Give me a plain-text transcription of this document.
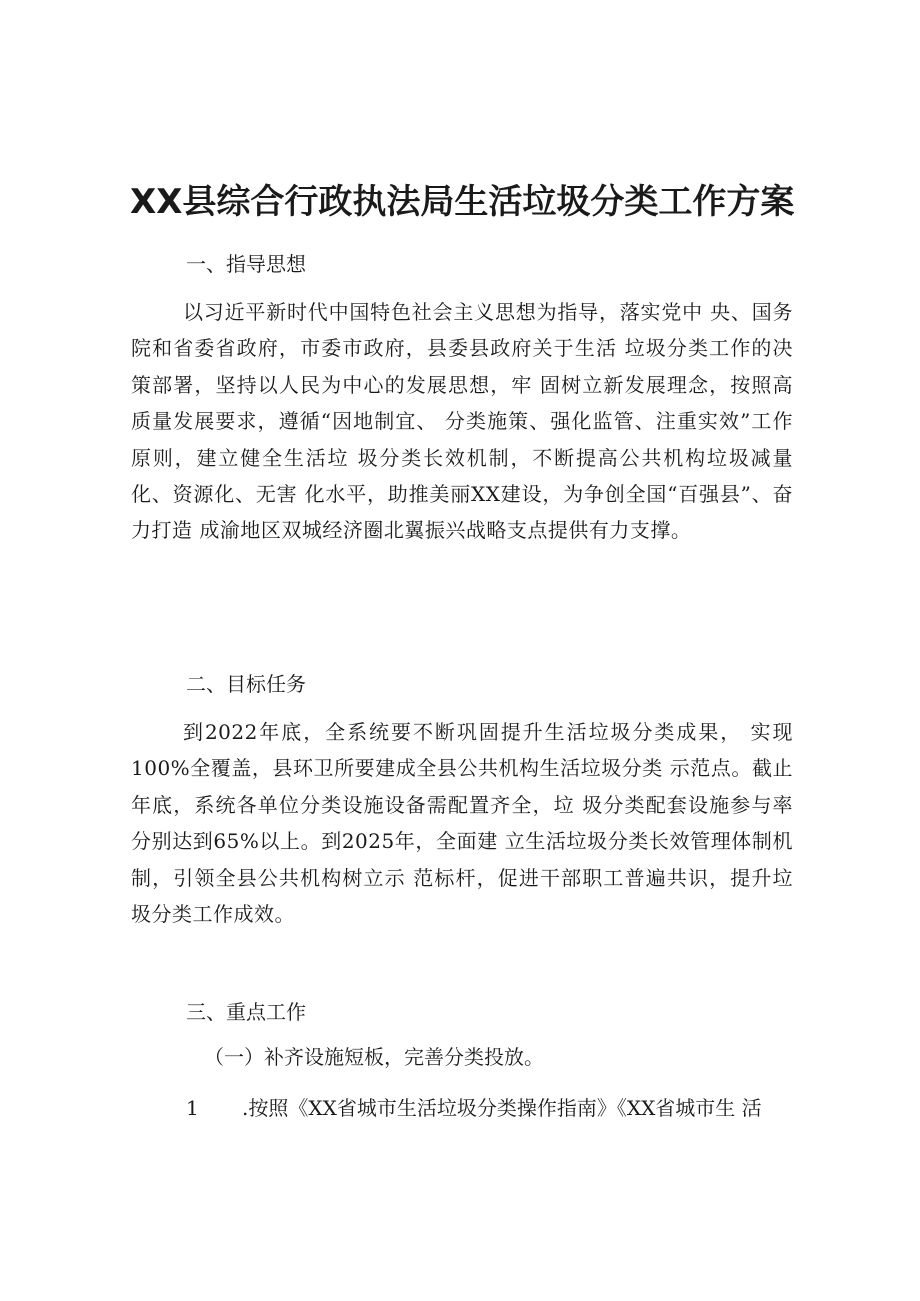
XX县综合行政执法局生活垃圾分类工作方案

一、指导思想

以习近平新时代中国特色社会主义思想为指导，落实党中 央、国务院和省委省政府，市委市政府，县委县政府关于生活 垃圾分类工作的决策部署，坚持以人民为中心的发展思想，牢 固树立新发展理念，按照高质量发展要求，遵循“因地制宜、 分类施策、强化监管、注重实效”工作原则，建立健全生活垃 圾分类长效机制，不断提高公共机构垃圾减量化、资源化、无害 化水平，助推美丽XX建设，为争创全国“百强县”、奋力打造 成渝地区双城经济圈北翼振兴战略支点提供有力支撑。

二、目标任务

到2022年底，全系统要不断巩固提升生活垃圾分类成果， 实现100%全覆盖，县环卫所要建成全县公共机构生活垃圾分类 示范点。截止年底，系统各单位分类设施设备需配置齐全，垃 圾分类配套设施参与率分别达到65%以上。到2025年，全面建 立生活垃圾分类长效管理体制机制，引领全县公共机构树立示 范标杆，促进干部职工普遍共识，提升垃圾分类工作成效。

三、重点工作

（一）补齐设施短板，完善分类投放。

1 .按照《XX省城市生活垃圾分类操作指南》《XX省城市生 活
